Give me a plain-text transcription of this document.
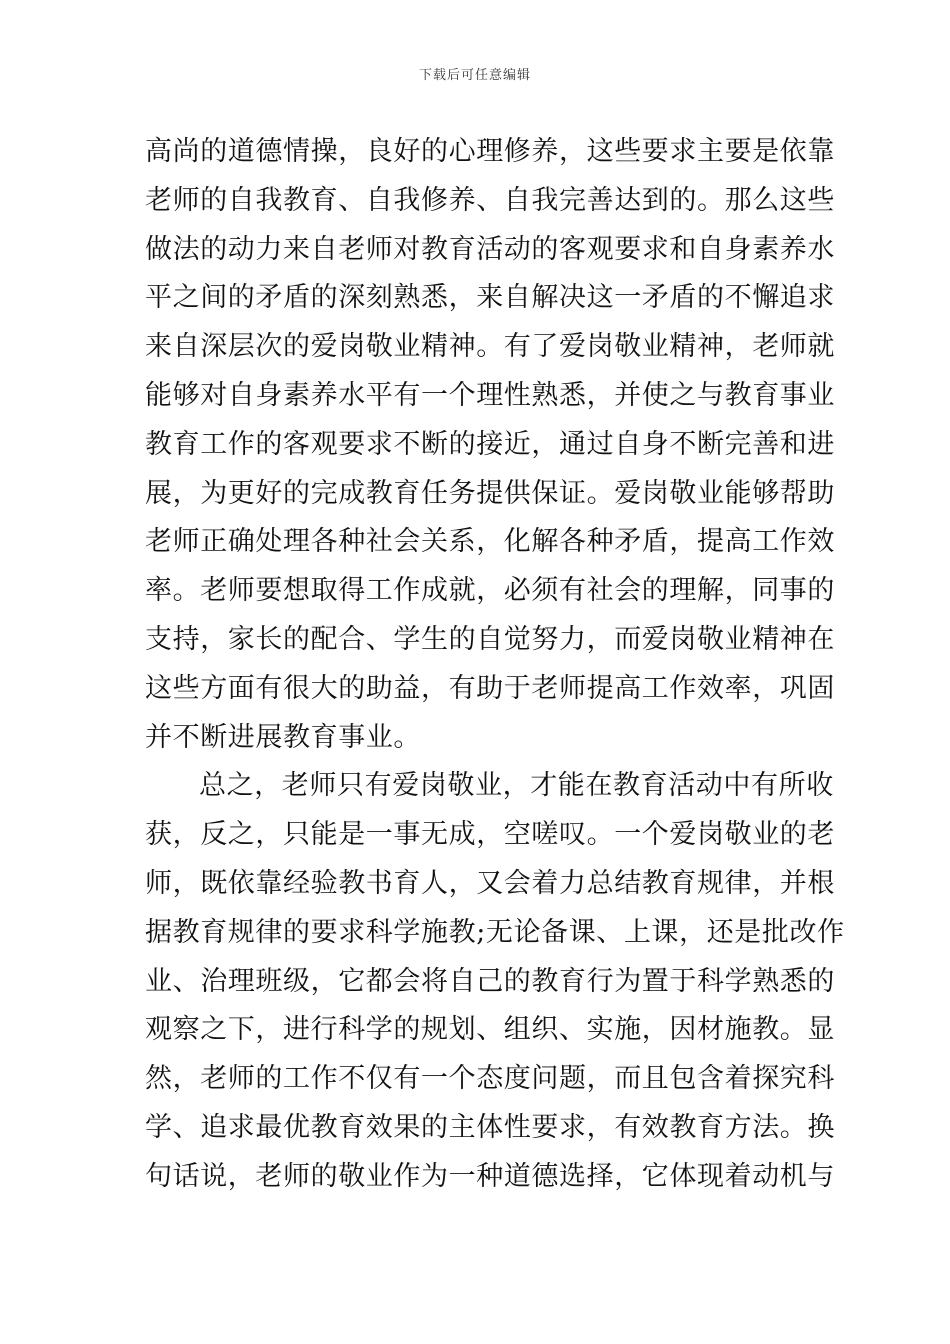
下载后可任意编辑
高尚的道德情操，良好的心理修养，这些要求主要是依靠
老师的自我教育、自我修养、自我完善达到的。那么这些
做法的动力来自老师对教育活动的客观要求和自身素养水
平之间的矛盾的深刻熟悉，来自解决这一矛盾的不懈追求
来自深层次的爱岗敬业精神。有了爱岗敬业精神，老师就
能够对自身素养水平有一个理性熟悉，并使之与教育事业
教育工作的客观要求不断的接近，通过自身不断完善和进
展，为更好的完成教育任务提供保证。爱岗敬业能够帮助
老师正确处理各种社会关系，化解各种矛盾，提高工作效
率。老师要想取得工作成就，必须有社会的理解，同事的
支持，家长的配合、学生的自觉努力，而爱岗敬业精神在
这些方面有很大的助益，有助于老师提高工作效率，巩固
并不断进展教育事业。
总之，老师只有爱岗敬业，才能在教育活动中有所收
获，反之，只能是一事无成，空嗟叹。一个爱岗敬业的老
师，既依靠经验教书育人，又会着力总结教育规律，并根
据教育规律的要求科学施教;无论备课、上课，还是批改作
业、治理班级，它都会将自己的教育行为置于科学熟悉的
观察之下，进行科学的规划、组织、实施，因材施教。显
然，老师的工作不仅有一个态度问题，而且包含着探究科
学、追求最优教育效果的主体性要求，有效教育方法。换
句话说，老师的敬业作为一种道德选择，它体现着动机与
